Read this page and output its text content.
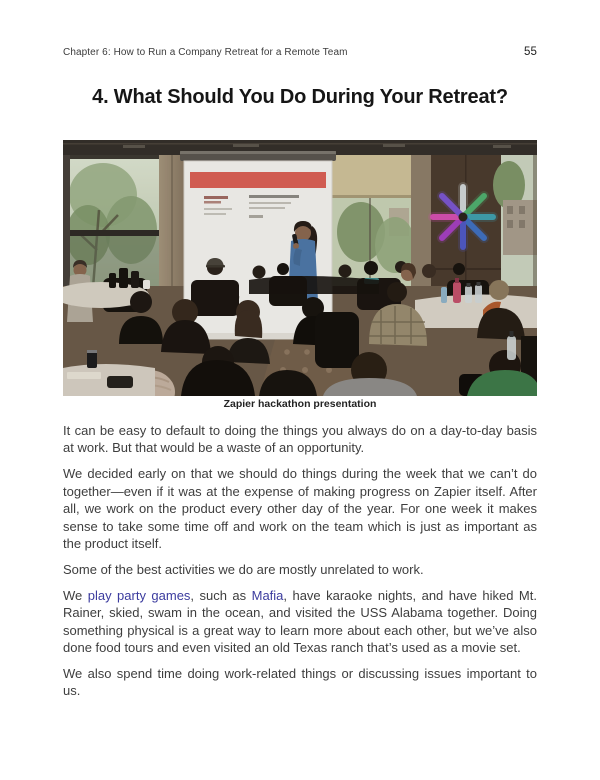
Chapter 6: How to Run a Company Retreat for a Remote Team	55
4. What Should You Do During Your Retreat?
Zapier hackathon presentation

It can be easy to default to doing the things you always do on a day-to-day basis at work. But that would be a waste of an opportunity.

We decided early on that we should do things during the week that we can’t do together—even if it was at the expense of making progress on Zapier itself. After all, we work on the product every other day of the year. For one week it makes sense to take some time off and work on the team which is just as important as the product itself.

Some of the best activities we do are mostly unrelated to work.

We play party games, such as Mafia, have karaoke nights, and have hiked Mt. Rainer, skied, swam in the ocean, and visited the USS Alabama together. Doing something physical is a great way to learn more about each other, but we’ve also done food tours and even visited an old Texas ranch that’s used as a movie set.

We also spend time doing work-related things or discussing issues important to us.
